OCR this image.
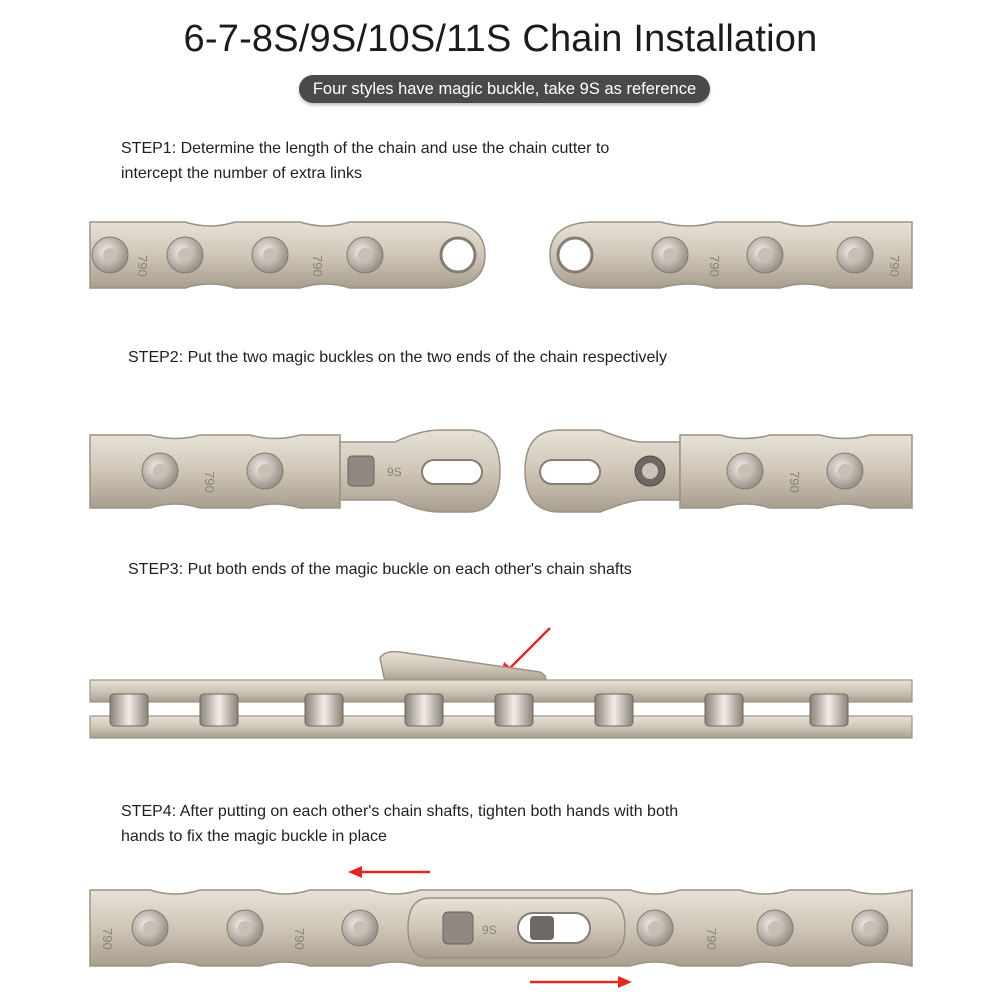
6-7-8S/9S/10S/11S Chain Installation
Four styles have magic buckle, take 9S as reference

STEP1: Determine the length of the chain and use the chain cutter to
intercept the number of extra links

STEP2: Put the two magic buckles on the two ends of the chain respectively

STEP3: Put both ends of the magic buckle on each other's chain shafts

STEP4: After putting on each other's chain shafts, tighten both hands with both
hands to fix the magic buckle in place

790	790	790	790
790	9S	790
790	790	790
9S
